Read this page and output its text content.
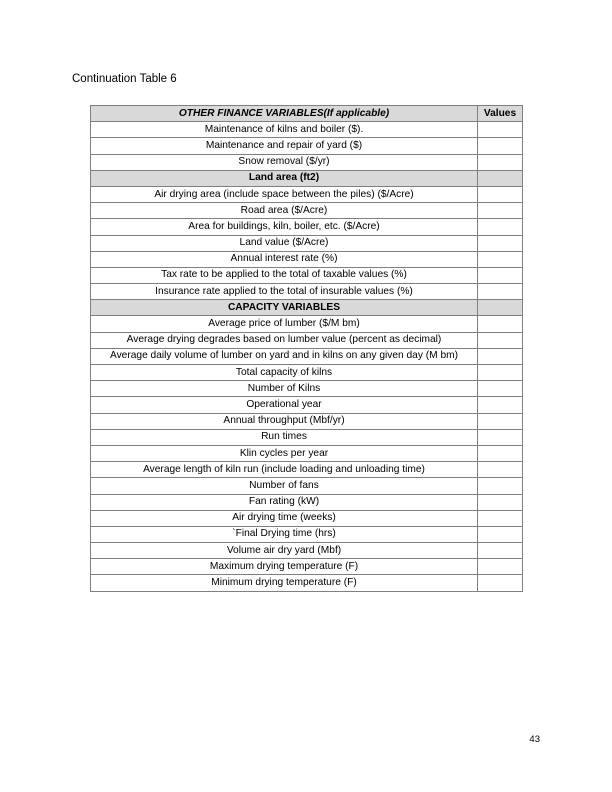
Continuation Table 6
OTHER FINANCE VARIABLES(If applicable)	Values
Maintenance of kilns and boiler ($).	
Maintenance and repair of yard ($)	
Snow removal ($/yr)	
Land area (ft2)	
Air drying area (include space between the piles) ($/Acre)	
Road area ($/Acre)	
Area for buildings, kiln, boiler, etc. ($/Acre)	
Land value ($/Acre)	
Annual interest rate (%)	
Tax rate to be applied to the total of taxable values (%)	
Insurance rate applied to the total of insurable values (%)	
CAPACITY VARIABLES	
Average price of lumber ($/M bm)	
Average drying degrades based on lumber value (percent as decimal)	
Average daily volume of lumber on yard and in kilns on any given day (M bm)	
Total capacity of kilns	
Number of Kilns	
Operational year	
Annual throughput (Mbf/yr)	
Run times	
Klin cycles per year	
Average length of kiln run (include loading and unloading time)	
Number of fans	
Fan rating (kW)	
Air drying time (weeks)	
`Final Drying time (hrs)	
Volume air dry yard (Mbf)	
Maximum drying temperature (F)	
Minimum drying temperature (F)	
43
